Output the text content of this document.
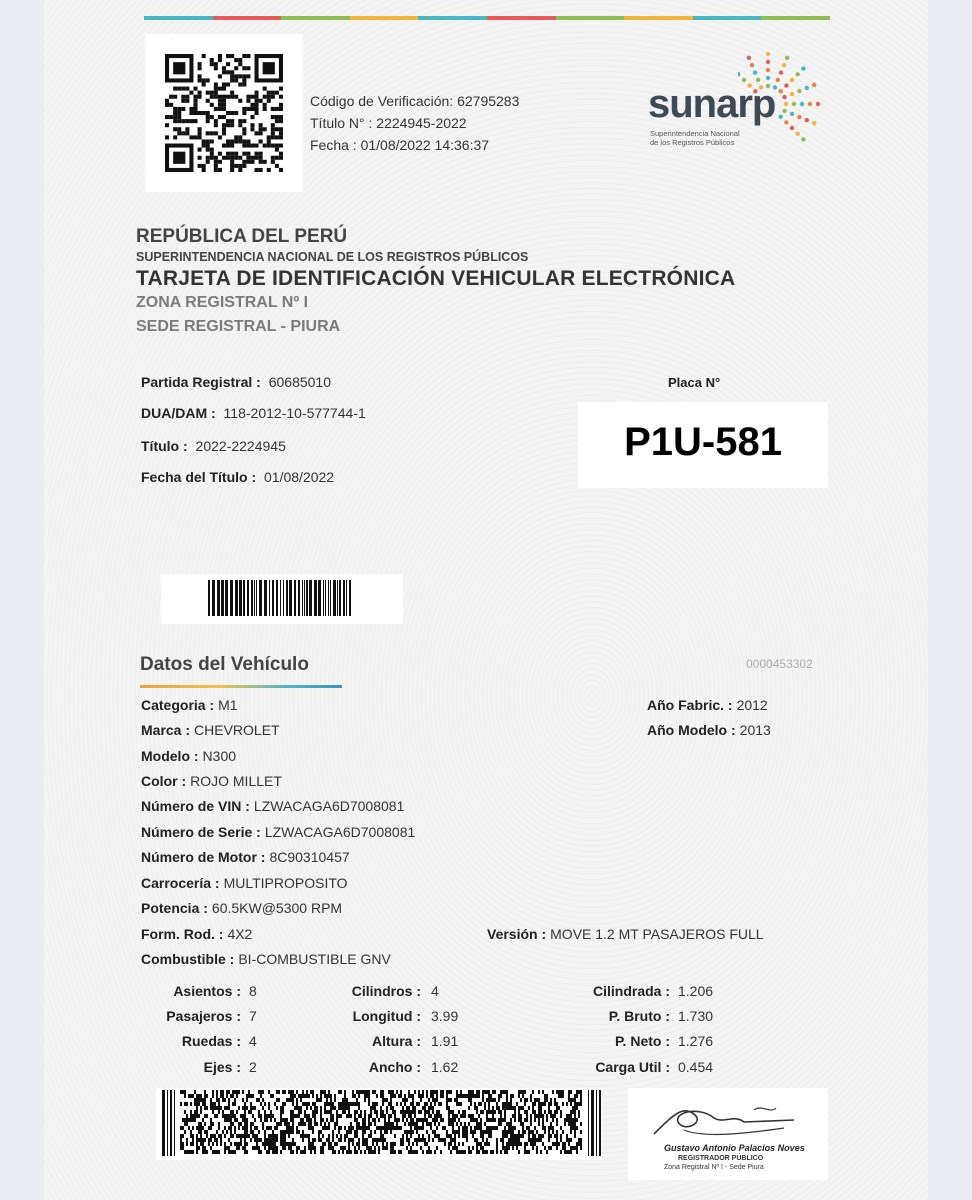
Código de Verificación: 62795283
Título N° : 2224945-2022
Fecha : 01/08/2022 14:36:37
sunarp
Superintendencia Nacional
de los Registros Públicos
REPÚBLICA DEL PERÚ
SUPERINTENDENCIA NACIONAL DE LOS REGISTROS PÚBLICOS
TARJETA DE IDENTIFICACIÓN VEHICULAR ELECTRÓNICA
ZONA REGISTRAL Nº I
SEDE REGISTRAL - PIURA
Partida Registral : 60685010
DUA/DAM : 118-2012-10-577744-1
Título : 2022-2224945
Fecha del Título : 01/08/2022
Placa N°
P1U-581
Datos del Vehículo	0000453302
Categoria : M1
Marca : CHEVROLET
Modelo : N300
Color : ROJO MILLET
Número de VIN : LZWACAGA6D7008081
Número de Serie : LZWACAGA6D7008081
Número de Motor : 8C90310457
Carrocería : MULTIPROPOSITO
Potencia : 60.5KW@5300 RPM
Form. Rod. : 4X2
Combustible : BI-COMBUSTIBLE GNV
Versión : MOVE 1.2 MT PASAJEROS FULL
Año Fabric. : 2012
Año Modelo : 2013
Asientos : 8
Pasajeros : 7
Ruedas : 4
Ejes : 2
Cilindros : 4
Longitud : 3.99
Altura : 1.91
Ancho : 1.62
Cilindrada : 1.206
P. Bruto : 1.730
P. Neto : 1.276
Carga Util : 0.454
Gustavo Antonio Palacios Noves
REGISTRADOR PÚBLICO
Zona Registral Nº I - Sede Piura
